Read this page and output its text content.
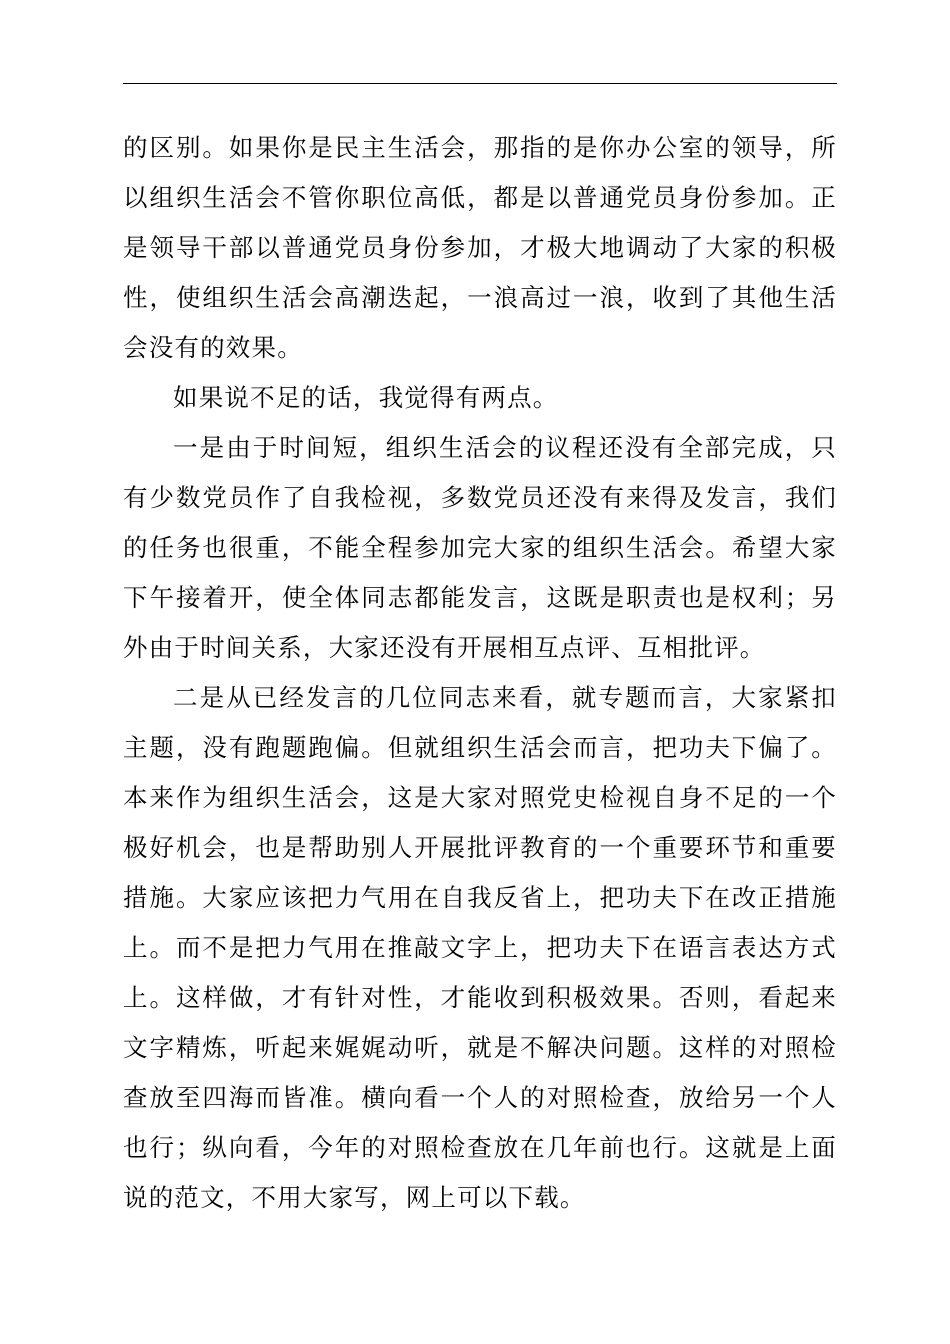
的区别。如果你是民主生活会，那指的是你办公室的领导，所以组织生活会不管你职位高低，都是以普通党员身份参加。正是领导干部以普通党员身份参加，才极大地调动了大家的积极性，使组织生活会高潮迭起，一浪高过一浪，收到了其他生活会没有的效果。

如果说不足的话，我觉得有两点。

一是由于时间短，组织生活会的议程还没有全部完成，只有少数党员作了自我检视，多数党员还没有来得及发言，我们的任务也很重，不能全程参加完大家的组织生活会。希望大家下午接着开，使全体同志都能发言，这既是职责也是权利；另外由于时间关系，大家还没有开展相互点评、互相批评。

二是从已经发言的几位同志来看，就专题而言，大家紧扣主题，没有跑题跑偏。但就组织生活会而言，把功夫下偏了。本来作为组织生活会，这是大家对照党史检视自身不足的一个极好机会，也是帮助别人开展批评教育的一个重要环节和重要措施。大家应该把力气用在自我反省上，把功夫下在改正措施上。而不是把力气用在推敲文字上，把功夫下在语言表达方式上。这样做，才有针对性，才能收到积极效果。否则，看起来文字精炼，听起来娓娓动听，就是不解决问题。这样的对照检查放至四海而皆准。横向看一个人的对照检查，放给另一个人也行；纵向看，今年的对照检查放在几年前也行。这就是上面说的范文，不用大家写，网上可以下载。
